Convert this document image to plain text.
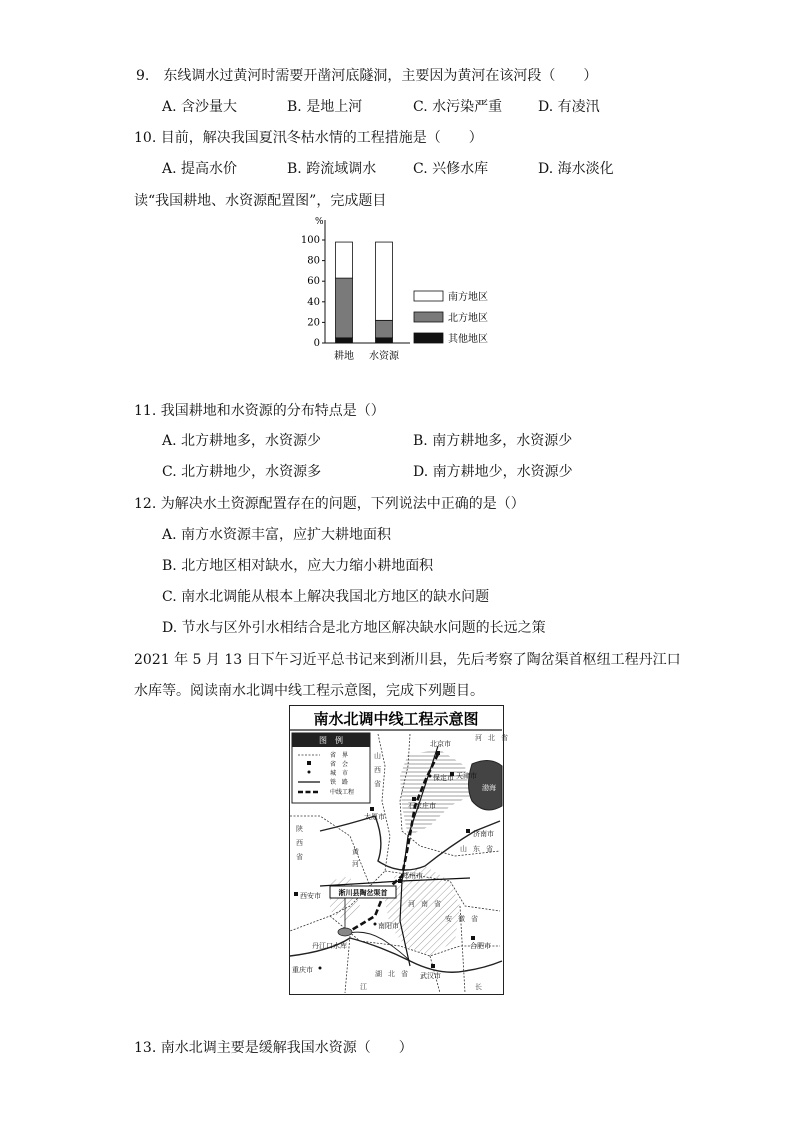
9.　东线调水过黄河时需要开凿河底隧洞，主要因为黄河在该河段（　　）
A. 含沙量大	B. 是地上河	C. 水污染严重	D. 有凌汛
10. 目前，解决我国夏汛冬枯水情的工程措施是（　　）
A. 提高水价	B. 跨流域调水	C. 兴修水库	D. 海水淡化
读“我国耕地、水资源配置图”，完成题目
%
0
20
40
60
80
100
耕地 水资源
南方地区
北方地区
其他地区
11. 我国耕地和水资源的分布特点是（）
A. 北方耕地多，水资源少	B. 南方耕地多，水资源少
C. 北方耕地少，水资源多	D. 南方耕地少，水资源少
12. 为解决水土资源配置存在的问题，下列说法中正确的是（）
A. 南方水资源丰富，应扩大耕地面积
B. 北方地区相对缺水，应大力缩小耕地面积
C. 南水北调能从根本上解决我国北方地区的缺水问题
D. 节水与区外引水相结合是北方地区解决缺水问题的长远之策
2021 年 5 月 13 日下午习近平总书记来到淅川县，先后考察了陶岔渠首枢纽工程丹江口
水库等。阅读南水北调中线工程示意图，完成下列题目。
南水北调中线工程示意图
渤海
图　例
省　界
省　会
城　市
铁　路
中线工程
北京市
天津市
保定市
石家庄市
太原市
济南市
郑州市
南阳市
西安市
丹江口水库
重庆市
武汉市
合肥市
河北省
山西省
山东省
陕西省
河南省
湖北省
安徽省
黄
河
江	长
淅川县陶岔渠首
13. 南水北调主要是缓解我国水资源（　　）
